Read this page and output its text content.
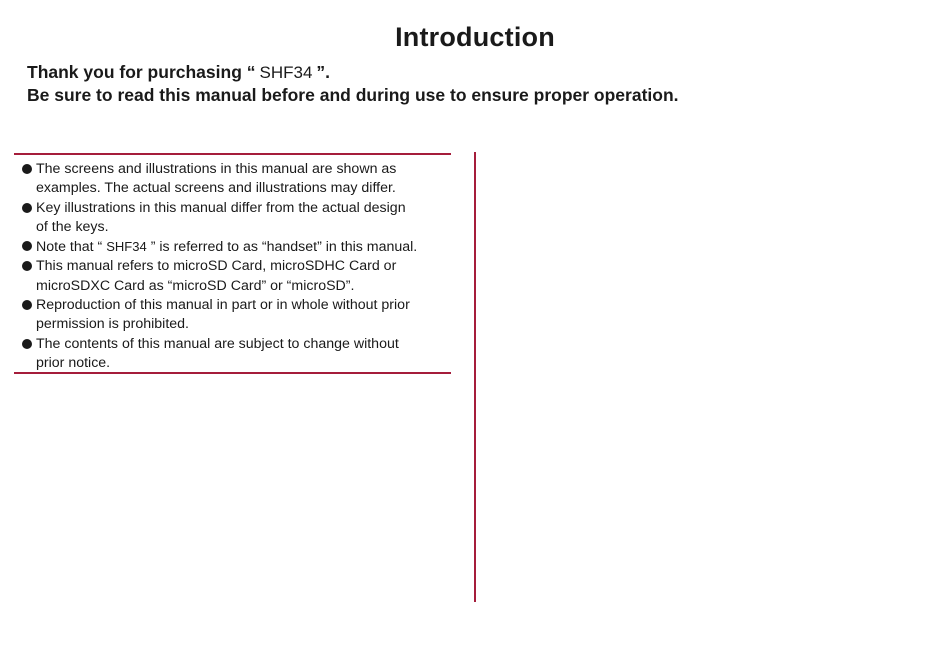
Introduction
Thank you for purchasing “ SHF34 ”.
Be sure to read this manual before and during use to ensure proper operation.
The screens and illustrations in this manual are shown as
examples. The actual screens and illustrations may differ.
Key illustrations in this manual differ from the actual design
of the keys.
Note that “ SHF34 ” is referred to as “handset” in this manual.
This manual refers to microSD Card, microSDHC Card or
microSDXC Card as “microSD Card” or “microSD”.
Reproduction of this manual in part or in whole without prior
permission is prohibited.
The contents of this manual are subject to change without
prior notice.
